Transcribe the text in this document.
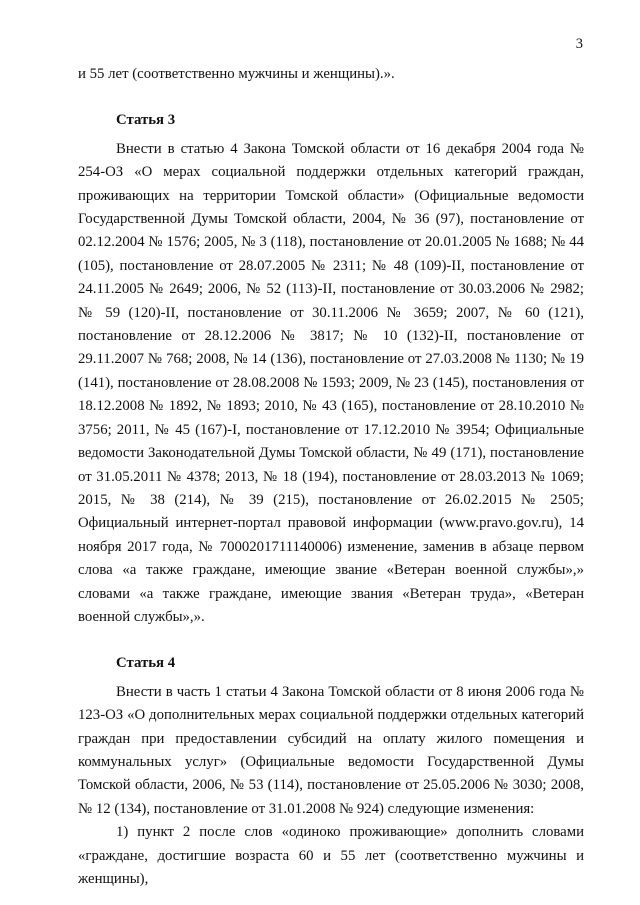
3

и 55 лет (соответственно мужчины и женщины).».

Статья 3

Внести в статью 4 Закона Томской области от 16 декабря 2004 года № 254-ОЗ «О мерах социальной поддержки отдельных категорий граждан, проживающих на территории Томской области» (Официальные ведомости Государственной Думы Томской области, 2004, № 36 (97), постановление от 02.12.2004 № 1576; 2005, № 3 (118), постановление от 20.01.2005 № 1688; № 44 (105), постановление от 28.07.2005 № 2311; № 48 (109)-II, постановление от 24.11.2005 № 2649; 2006, № 52 (113)-II, постановление от 30.03.2006 № 2982; № 59 (120)-II, постановление от 30.11.2006 № 3659; 2007, № 60 (121), постановление от 28.12.2006 № 3817; № 10 (132)-II, постановление от 29.11.2007 № 768; 2008, № 14 (136), постановление от 27.03.2008 № 1130; № 19 (141), постановление от 28.08.2008 № 1593; 2009, № 23 (145), постановления от 18.12.2008 № 1892, № 1893; 2010, № 43 (165), постановление от 28.10.2010 № 3756; 2011, № 45 (167)-I, постановление от 17.12.2010 № 3954; Официальные ведомости Законодательной Думы Томской области, № 49 (171), постановление от 31.05.2011 № 4378; 2013, № 18 (194), постановление от 28.03.2013 № 1069; 2015, № 38 (214), № 39 (215), постановление от 26.02.2015 № 2505; Официальный интернет-портал правовой информации (www.pravo.gov.ru), 14 ноября 2017 года, № 7000201711140006) изменение, заменив в абзаце первом слова «а также граждане, имеющие звание «Ветеран военной службы»,» словами «а также граждане, имеющие звания «Ветеран труда», «Ветеран военной службы»,».

Статья 4

Внести в часть 1 статьи 4 Закона Томской области от 8 июня 2006 года № 123-ОЗ «О дополнительных мерах социальной поддержки отдельных категорий граждан при предоставлении субсидий на оплату жилого помещения и коммунальных услуг» (Официальные ведомости Государственной Думы Томской области, 2006, № 53 (114), постановление от 25.05.2006 № 3030; 2008, № 12 (134), постановление от 31.01.2008 № 924) следующие изменения:

1) пункт 2 после слов «одиноко проживающие» дополнить словами «граждане, достигшие возраста 60 и 55 лет (соответственно мужчины и женщины),
